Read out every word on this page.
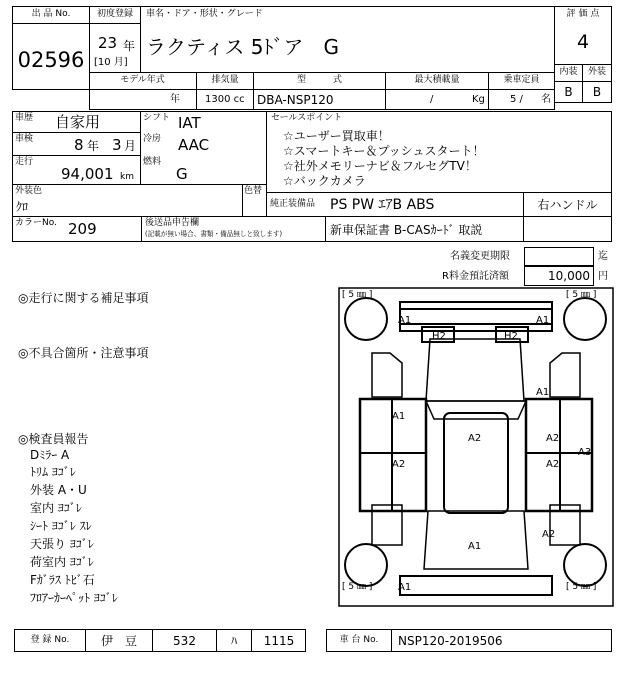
出 品 No.
02596
初度登録
23 年
[10 月]
車名・ドア・形状・グレード
ラクティス 5ﾄﾞア　G
評 価 点
4
内装	外装
B	B
モデル年式	排気量	型　　　式	最大積載量	乗車定員
年	1300 cc DBA-NSP120	/	Kg	5 / 名
車歴 自家用	シフト IAT
車検	8 年 3 月 冷房 AAC
走行
94,001 km
燃料
G
外装色
ｸﾛ
色替
セールスポイント
☆ユーザー買取車！
☆スマートキー＆プッシュスタート！
☆社外メモリーナビ＆フルセグTV！
☆バックカメラ
純正装備品 PS PW ｴｱB ABS	右ハンドル
カラーNo. 209	後送品申告欄
(記載が無い場合、書類・備品無しと致します)	新車保証書 B-CASｶｰﾄﾞ 取説
名義変更期限	迄
R料金預託済額	10,000 円
◎走行に関する補足事項
◎不具合箇所・注意事項
◎検査員報告
Dﾐﾗｰ A
ﾄﾘﾑ ﾖｺﾞﾚ
外装 A・U
室内 ﾖｺﾞﾚ
ｼｰﾄ ﾖｺﾞﾚ ｽﾚ
天張り ﾖｺﾞﾚ
荷室内 ﾖｺﾞﾚ
Fｶﾞﾗｽ ﾄﾋﾞ石
ﾌﾛｱｰｶｰﾍﾟｯﾄ ﾖｺﾞﾚ
[ 5 ㎜ ]	[ 5 ㎜ ]
[ 5 ㎜ ]	[ 5 ㎜ ]
A1	A1
H2	H2
A1
A1
A2
A2	A2
A2
A3
A1
A2
A1
登 録 No.	伊　豆	532	ﾊ	1115	車 台 No.	NSP120-2019506
